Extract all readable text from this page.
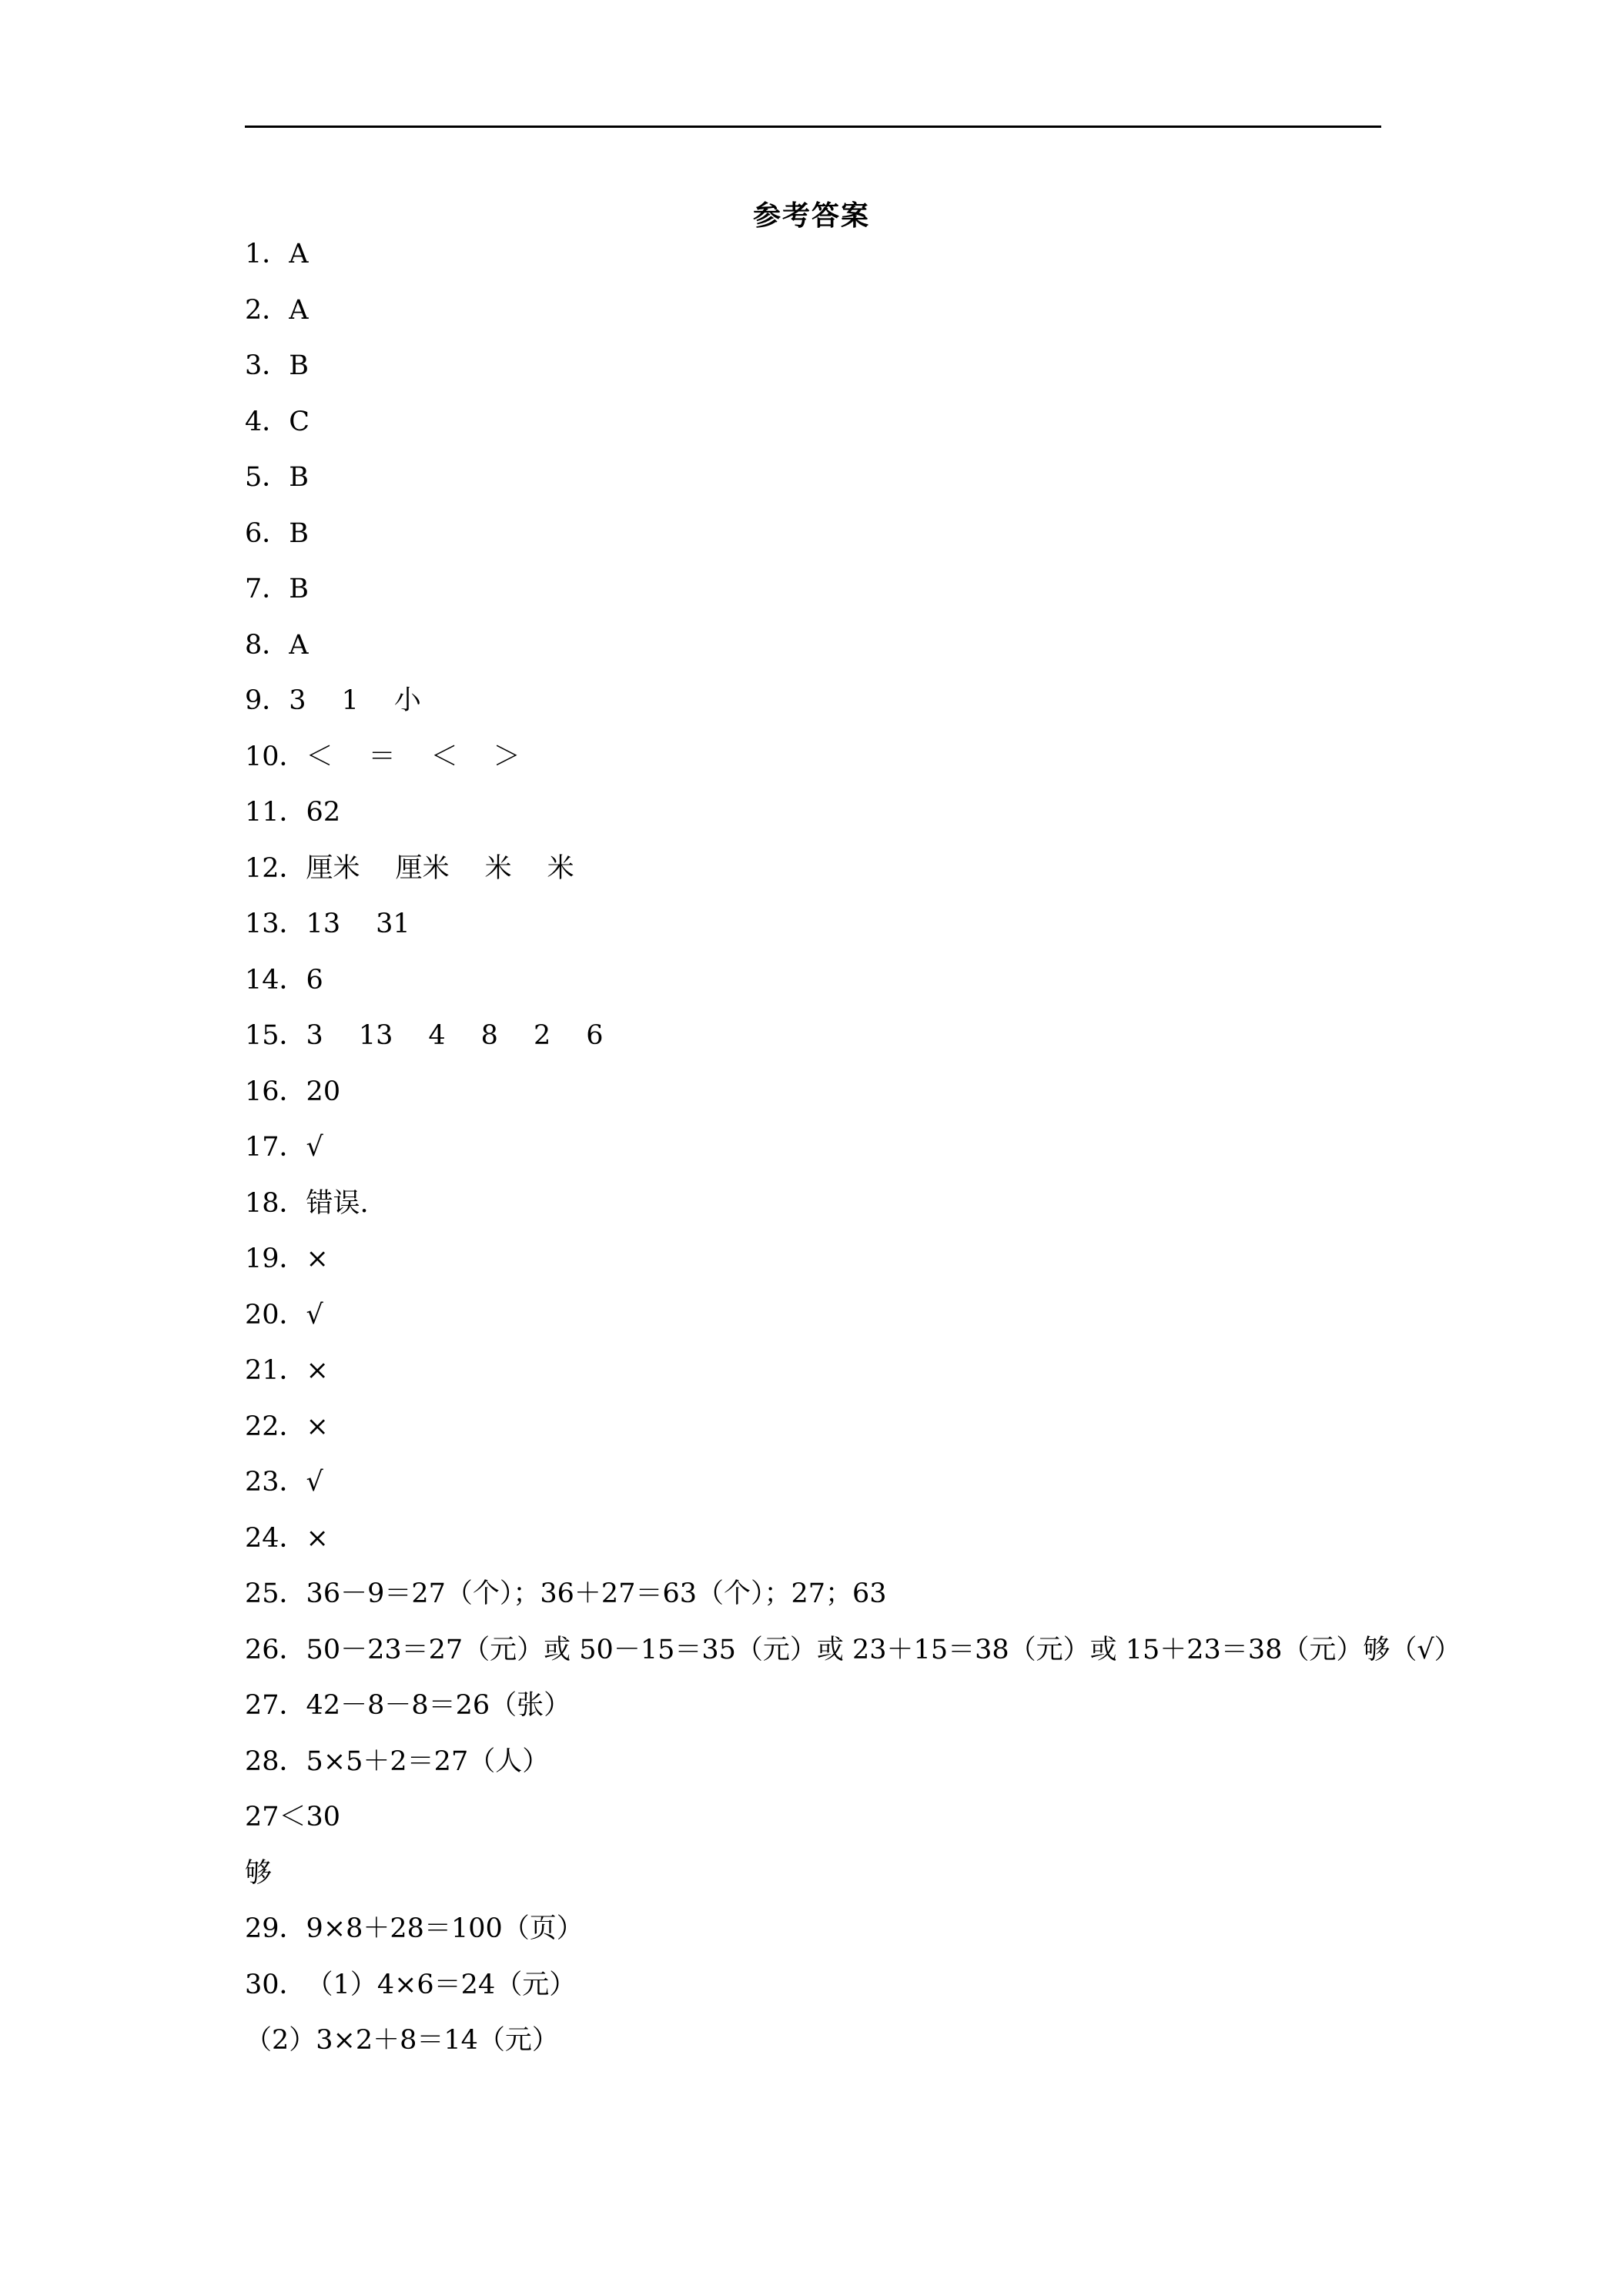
参考答案
1．A
2．A
3．B
4．C
5．B
6．B
7．B
8．A
9．3 1 小
10．＜ ＝ ＜ ＞
11．62
12．厘米 厘米 米 米
13．13 31
14．6
15．3 13 4 8 2 6
16．20
17．√
18．错误.
19．×
20．√
21．×
22．×
23．√
24．×
25．36－9＝27（个）；36＋27＝63（个）；27；63
26．50－23＝27（元）或 50－15＝35（元）或 23＋15＝38（元）或 15＋23＝38（元）够（√）
27．42－8－8＝26（张）
28．5×5＋2＝27（人）
27＜30
够
29．9×8＋28＝100（页）
30．（1）4×6＝24（元）
（2）3×2＋8＝14（元）
